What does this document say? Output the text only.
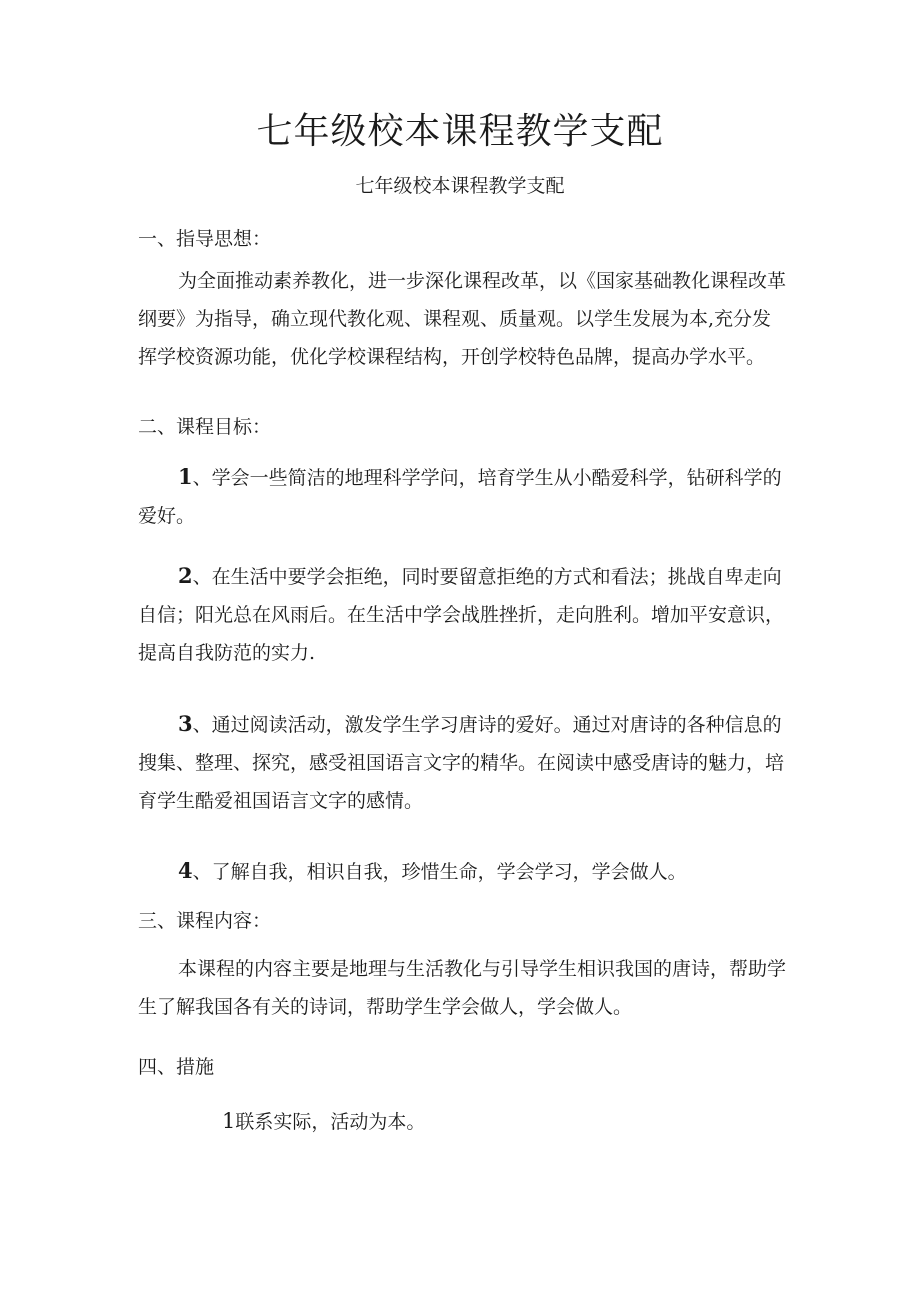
七年级校本课程教学支配

七年级校本课程教学支配

一、指导思想：

为全面推动素养教化，进一步深化课程改革，以《国家基础教化课程改革纲要》为指导，确立现代教化观、课程观、质量观。以学生发展为本,充分发挥学校资源功能，优化学校课程结构，开创学校特色品牌，提高办学水平。

二、课程目标：

1、学会一些简洁的地理科学学问，培育学生从小酷爱科学，钻研科学的爱好。

2、在生活中要学会拒绝，同时要留意拒绝的方式和看法；挑战自卑走向自信；阳光总在风雨后。在生活中学会战胜挫折，走向胜利。增加平安意识，提高自我防范的实力.

3、通过阅读活动，激发学生学习唐诗的爱好。通过对唐诗的各种信息的搜集、整理、探究，感受祖国语言文字的精华。在阅读中感受唐诗的魅力，培育学生酷爱祖国语言文字的感情。

4、了解自我，相识自我，珍惜生命，学会学习，学会做人。

三、课程内容：

本课程的内容主要是地理与生活教化与引导学生相识我国的唐诗，帮助学生了解我国各有关的诗词，帮助学生学会做人，学会做人。

四、措施

1联系实际，活动为本。
